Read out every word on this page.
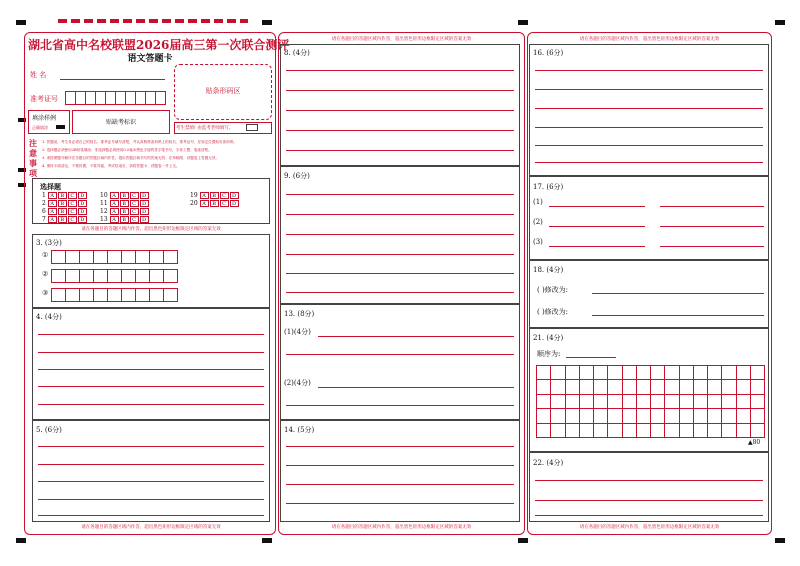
湖北省高中名校联盟2026届高三第一次联合测评
语文答题卡
姓 名
准考证号
贴条形码区
填涂样例
正确填涂
贴缺考标识
考生禁填! 由监考老师填写。
注
意
事
项
1. 答题前，考生务必将自己的姓名、准考证号填写清楚，并认真核准条形码上的姓名、准考证号，在规定位置贴好条形码。
2. 选择题必须使用2B铅笔填涂；非选择题必须使用0.5毫米黑色字迹的签字笔书写，字体工整、笔迹清楚。
3. 请按照题号顺序在各题目的答题区域内作答，超出答题区域书写的答案无效；在草稿纸、试题卷上答题无效。
4. 保持卡面清洁，不要折叠，不要弄破，考试结束后，请将答题卡、试题卷一并上交。
选择题
1 A B C D
2 A B C D
6 A B C D
7 A B C D
10 A B C D
11 A B C D
12 A B C D
13 A B C D
19 A B C D
20 A B C D
请在各题目的答题区域内作答，超出黑色矩形边框限定区域的答案无效
3. (3分)
①
②
③
4. (4分)
5. (6分)
请在各题目的答题区域内作答，超出黑色矩形边框限定区域的答案无效
请在各题目的答题区域内作答，超出黑色矩形边框限定区域的答案无效
8. (4分)
9. (6分)
13. (8分)
(1)(4分)
(2)(4分)
14. (5分)
请在各题目的答题区域内作答，超出黑色矩形边框限定区域的答案无效
请在各题目的答题区域内作答，超出黑色矩形边框限定区域的答案无效
16. (6分)
17. (6分)
(1)
(2)
(3)
18. (4分)
( )修改为:
( )修改为:
21. (4分)
顺序为:
▲80
22. (4分)
请在各题目的答题区域内作答，超出黑色矩形边框限定区域的答案无效
